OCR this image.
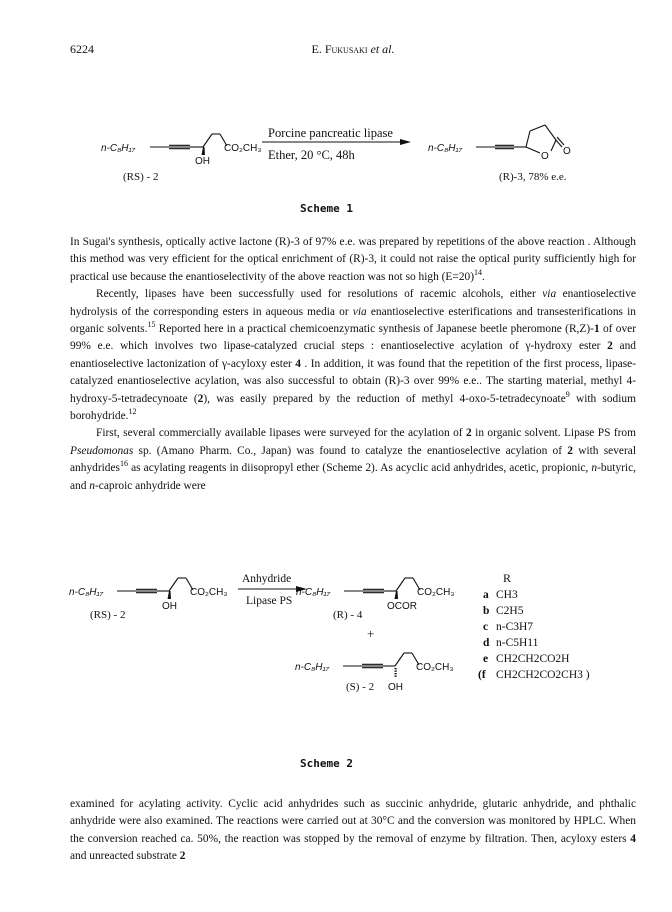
6224	E. Fukusaki et al.
n-C₈H₁₇	CO₂CH₃
OH
(RS) - 2
Porcine pancreatic lipase
Ether, 20 °C, 48h	n-C₈H₁₇
O O
(R)-3, 78% e.e.
Scheme 1

In Sugai's synthesis, optically active lactone (R)-3 of 97% e.e. was prepared by repetitions of the above reaction . Although this method was very efficient for the optical enrichment of (R)-3, it could not raise the optical purity sufficiently high for practical use because the enantioselectivity of the above reaction was not so high (E=20)$^{14}$.

Recently, lipases have been successfully used for resolutions of racemic alcohols, either via enantioselective hydrolysis of the corresponding esters in aqueous media or via enantioselective esterifications and transesterifications in organic solvents.$^{15}$ Reported here in a practical chemicoenzymatic synthesis of Japanese beetle pheromone (R,Z)-1 of over 99% e.e. which involves two lipase-catalyzed crucial steps : enantioselective acylation of γ-hydroxy ester 2 and enantioselective lactonization of γ-acyloxy ester 4 . In addition, it was found that the repetition of the first process, lipase-catalyzed enantioselective acylation, was also successful to obtain (R)-3 over 99% e.e.. The starting material, methyl 4-hydroxy-5-tetradecynoate (2), was easily prepared by the reduction of methyl 4-oxo-5-tetradecynoate$^9$ with sodium borohydride.$^{12}$

First, several commercially available lipases were surveyed for the acylation of 2 in organic solvent. Lipase PS from Pseudomonas sp. (Amano Pharm. Co., Japan) was found to catalyze the enantioselective acylation of 2 with several anhydrides$^{16}$ as acylating reagents in diisopropyl ether (Scheme 2). As acyclic acid anhydrides, acetic, propionic, n-butyric, and n-caproic anhydride were

n-C₈H₁₇	CO₂CH₃
OH
(RS) - 2
Anhydride
Lipase PS
n-C₈H₁₇	CO₂CH₃
OCOR
(R) - 4
+
n-C₈H₁₇	CO₂CH₃
OH
(S) - 2
R
a CH3
b C2H5
c n-C3H7
d n-C5H11
e CH2CH2CO2H
(f CH2CH2CO2CH3 )
Scheme 2

examined for acylating activity. Cyclic acid anhydrides such as succinic anhydride, glutaric anhydride, and phthalic anhydride were also examined. The reactions were carried out at 30°C and the conversion was monitored by HPLC. When the conversion reached ca. 50%, the reaction was stopped by the removal of enzyme by filtration. Then, acyloxy esters 4 and unreacted substrate 2
